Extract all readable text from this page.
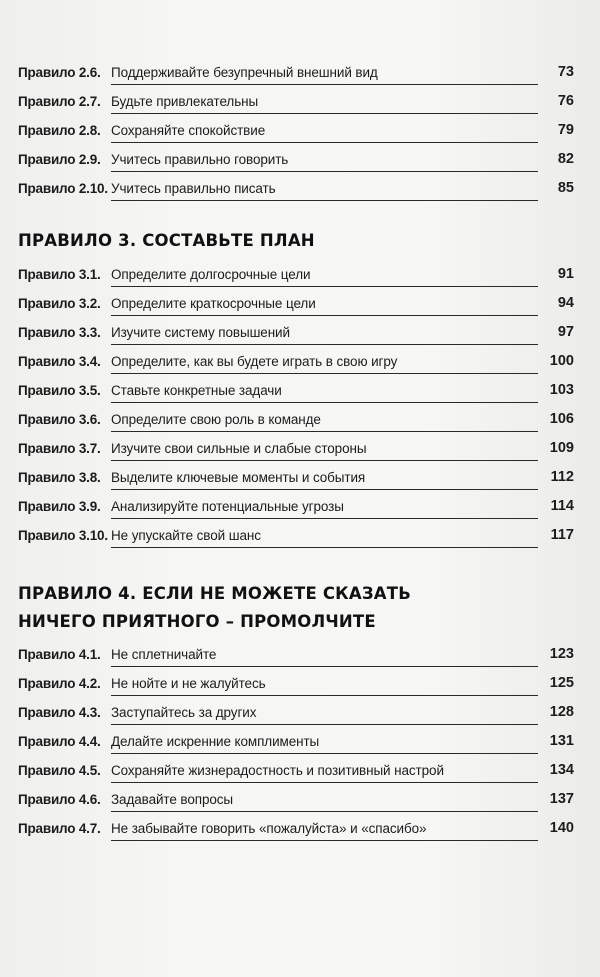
Правило 2.6. Поддерживайте безупречный внешний вид	73
Правило 2.7. Будьте привлекательны	76
Правило 2.8. Сохраняйте спокойствие	79
Правило 2.9. Учитесь правильно говорить	82
Правило 2.10. Учитесь правильно писать	85
ПРАВИЛО 3. СОСТАВЬТЕ ПЛАН
Правило 3.1. Определите долгосрочные цели	91
Правило 3.2. Определите краткосрочные цели	94
Правило 3.3. Изучите систему повышений	97
Правило 3.4. Определите, как вы будете играть в свою игру	100
Правило 3.5. Ставьте конкретные задачи	103
Правило 3.6. Определите свою роль в команде	106
Правило 3.7. Изучите свои сильные и слабые стороны	109
Правило 3.8. Выделите ключевые моменты и события	112
Правило 3.9. Анализируйте потенциальные угрозы	114
Правило 3.10. Не упускайте свой шанс	117
ПРАВИЛО 4. ЕСЛИ НЕ МОЖЕТЕ СКАЗАТЬ
НИЧЕГО ПРИЯТНОГО – ПРОМОЛЧИТЕ
Правило 4.1. Не сплетничайте	123
Правило 4.2. Не нойте и не жалуйтесь	125
Правило 4.3. Заступайтесь за других	128
Правило 4.4. Делайте искренние комплименты	131
Правило 4.5. Сохраняйте жизнерадостность и позитивный настрой	134
Правило 4.6. Задавайте вопросы	137
Правило 4.7. Не забывайте говорить «пожалуйста» и «спасибо»	140
